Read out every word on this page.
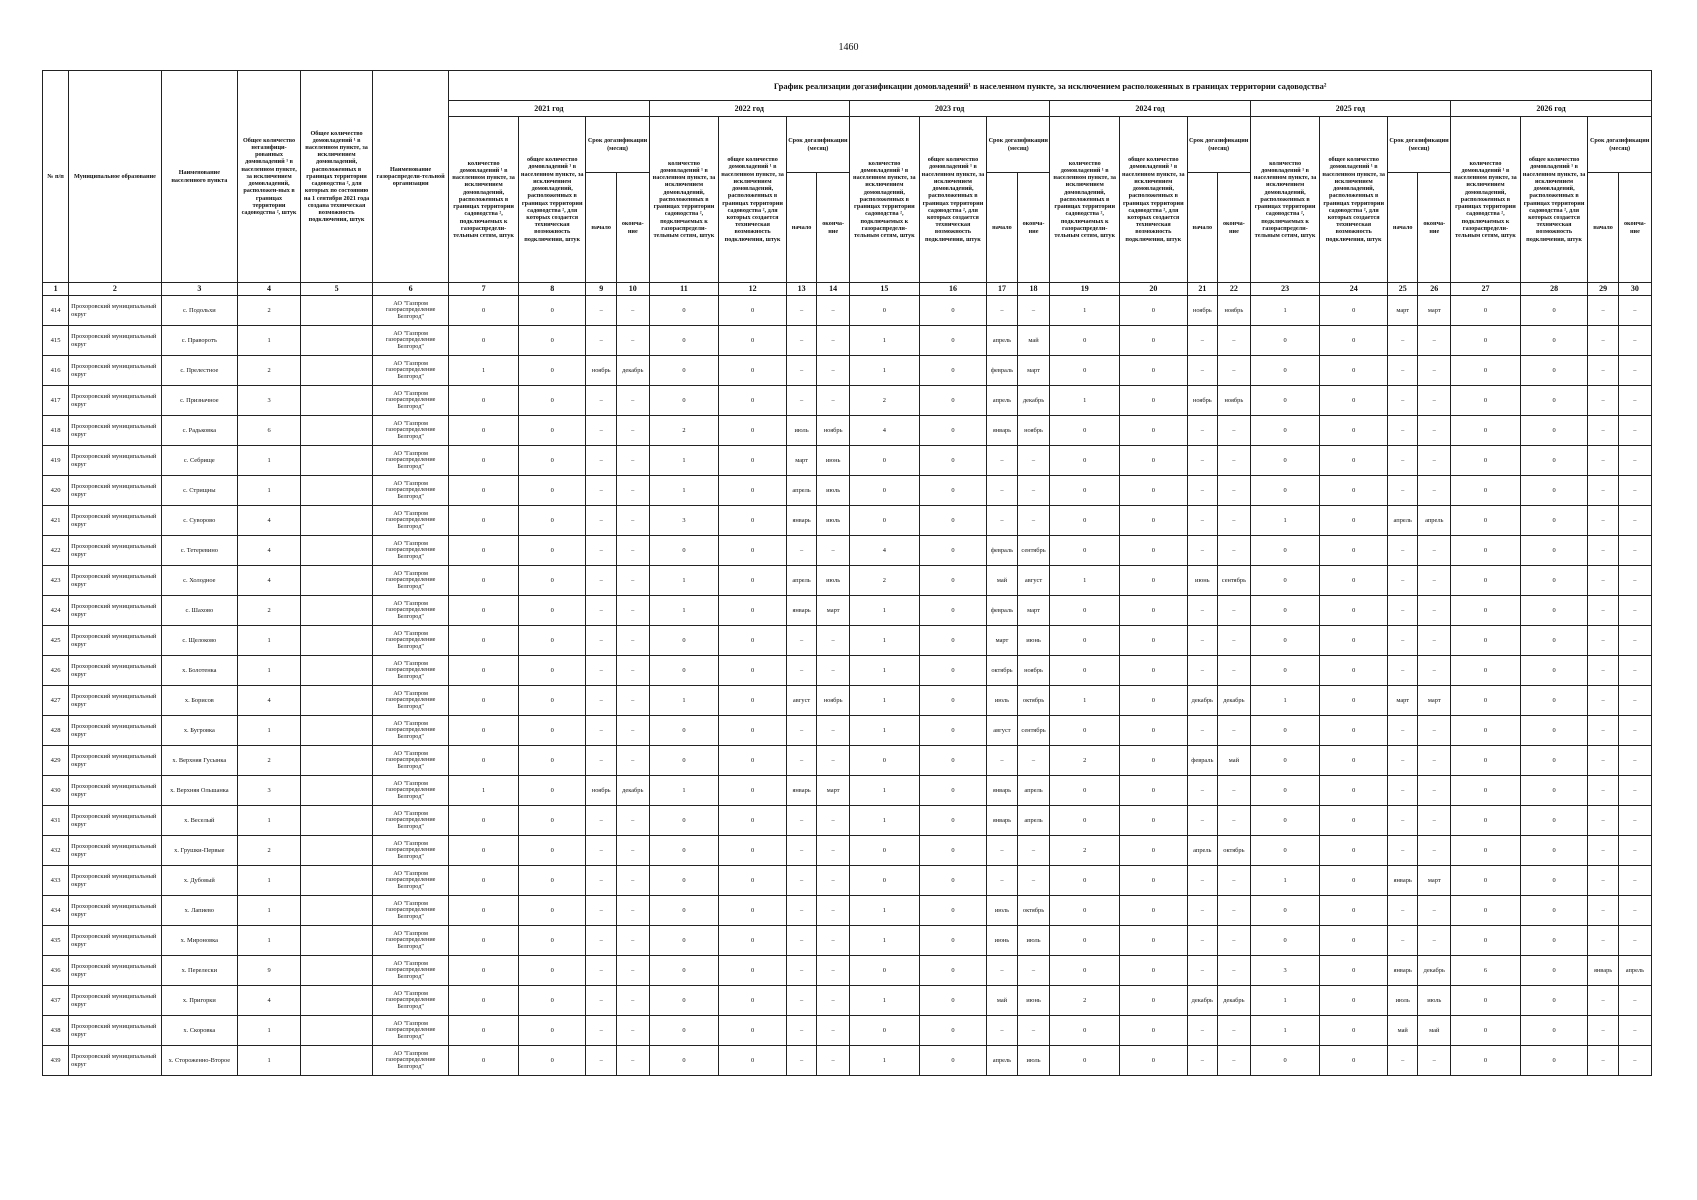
1460
№ п/п	Муниципальное образование	Наименование населенного пункта	Общее количество негазифици-рованных домовладений ¹ в населенном пункте, за исключением домовладений, расположен-ных в границах территории садоводства ², штук	Общее количество домовладений ¹ в населенном пункте, за исключением домовладений, расположенных в границах территории садоводства ², для которых по состоянию на 1 сентября 2021 года создана техническая возможность подключения, штук	Наименование газораспредели-тельной организации	График реализации догазификации домовладений¹ в населенном пункте, за исключением расположенных в границах территории садоводства²																							
						2021 год				2022 год				2023 год				2024 год				2025 год				2026 год			
						количество домовладений ¹ в населенном пункте, за исключением домовладений, расположенных в границах территории садоводства ², подключаемых к газораспредели-тельным сетям, штук	общее количество домовладений ¹ в населенном пункте, за исключением домовладений, расположенных в границах территории садоводства ², для которых создается техническая возможность подключения, штук	Срок догазификации (месяц)		количество домовладений ¹ в населенном пункте, за исключением домовладений, расположенных в границах территории садоводства ², подключаемых к газораспредели-тельным сетям, штук	общее количество домовладений ¹ в населенном пункте, за исключением домовладений, расположенных в границах территории садоводства ², для которых создается техническая возможность подключения, штук	Срок догазификации (месяц)		количество домовладений ¹ в населенном пункте, за исключением домовладений, расположенных в границах территории садоводства ², подключаемых к газораспредели-тельным сетям, штук	общее количество домовладений ¹ в населенном пункте, за исключением домовладений, расположенных в границах территории садоводства ², для которых создается техническая возможность подключения, штук	Срок догазификации (месяц)		количество домовладений ¹ в населенном пункте, за исключением домовладений, расположенных в границах территории садоводства ², подключаемых к газораспредели-тельным сетям, штук	общее количество домовладений ¹ в населенном пункте, за исключением домовладений, расположенных в границах территории садоводства ², для которых создается техническая возможность подключения, штук	Срок догазификации (месяц)		количество домовладений ¹ в населенном пункте, за исключением домовладений, расположенных в границах территории садоводства ², подключаемых к газораспредели-тельным сетям, штук	общее количество домовладений ¹ в населенном пункте, за исключением домовладений, расположенных в границах территории садоводства ², для которых создается техническая возможность подключения, штук	Срок догазификации (месяц)		количество домовладений ¹ в населенном пункте, за исключением домовладений, расположенных в границах территории садоводства ², подключаемых к газораспредели-тельным сетям, штук	общее количество домовладений ¹ в населенном пункте, за исключением домовладений, расположенных в границах территории садоводства ², для которых создается техническая возможность подключения, штук	Срок догазификации (месяц)	
								начало	оконча-ние			начало	оконча-ние			начало	оконча-ние			начало	оконча-ние			начало	оконча-ние			начало	оконча-ние
1	2	3	4	5	6	7	8	9	10	11	12	13	14	15	16	17	18	19	20	21	22	23	24	25	26	27	28	29	30
414	Прохоровский муниципальный округ	с. Подольхи	2		АО "Газпром газораспределение Белгород"	0	0	–	–	0	0	–	–	0	0	–	–	1	0	ноябрь	ноябрь	1	0	март	март	0	0	–	–
415	Прохоровский муниципальный округ	с. Праворотъ	1		АО "Газпром газораспределение Белгород"	0	0	–	–	0	0	–	–	1	0	апрель	май	0	0	–	–	0	0	–	–	0	0	–	–
416	Прохоровский муниципальный округ	с. Прелестное	2		АО "Газпром газораспределение Белгород"	1	0	ноябрь	декабрь	0	0	–	–	1	0	февраль	март	0	0	–	–	0	0	–	–	0	0	–	–
417	Прохоровский муниципальный округ	с. Призначное	3		АО "Газпром газораспределение Белгород"	0	0	–	–	0	0	–	–	2	0	апрель	декабрь	1	0	ноябрь	ноябрь	0	0	–	–	0	0	–	–
418	Прохоровский муниципальный округ	с. Радьковка	6		АО "Газпром газораспределение Белгород"	0	0	–	–	2	0	июль	ноябрь	4	0	январь	ноябрь	0	0	–	–	0	0	–	–	0	0	–	–
419	Прохоровский муниципальный округ	с. Себрище	1		АО "Газпром газораспределение Белгород"	0	0	–	–	1	0	март	июнь	0	0	–	–	0	0	–	–	0	0	–	–	0	0	–	–
420	Прохоровский муниципальный округ	с. Стрищны	1		АО "Газпром газораспределение Белгород"	0	0	–	–	1	0	апрель	июль	0	0	–	–	0	0	–	–	0	0	–	–	0	0	–	–
421	Прохоровский муниципальный округ	с. Суворово	4		АО "Газпром газораспределение Белгород"	0	0	–	–	3	0	январь	июль	0	0	–	–	0	0	–	–	1	0	апрель	апрель	0	0	–	–
422	Прохоровский муниципальный округ	с. Тетеревино	4		АО "Газпром газораспределение Белгород"	0	0	–	–	0	0	–	–	4	0	февраль	сентябрь	0	0	–	–	0	0	–	–	0	0	–	–
423	Прохоровский муниципальный округ	с. Холодное	4		АО "Газпром газораспределение Белгород"	0	0	–	–	1	0	апрель	июль	2	0	май	август	1	0	июнь	сентябрь	0	0	–	–	0	0	–	–
424	Прохоровский муниципальный округ	с. Шахово	2		АО "Газпром газораспределение Белгород"	0	0	–	–	1	0	январь	март	1	0	февраль	март	0	0	–	–	0	0	–	–	0	0	–	–
425	Прохоровский муниципальный округ	с. Щелоково	1		АО "Газпром газораспределение Белгород"	0	0	–	–	0	0	–	–	1	0	март	июнь	0	0	–	–	0	0	–	–	0	0	–	–
426	Прохоровский муниципальный округ	х. Болотенка	1		АО "Газпром газораспределение Белгород"	0	0	–	–	0	0	–	–	1	0	октябрь	ноябрь	0	0	–	–	0	0	–	–	0	0	–	–
427	Прохоровский муниципальный округ	х. Борисов	4		АО "Газпром газораспределение Белгород"	0	0	–	–	1	0	август	ноябрь	1	0	июль	октябрь	1	0	декабрь	декабрь	1	0	март	март	0	0	–	–
428	Прохоровский муниципальный округ	х. Бугровка	1		АО "Газпром газораспределение Белгород"	0	0	–	–	0	0	–	–	1	0	август	сентябрь	0	0	–	–	0	0	–	–	0	0	–	–
429	Прохоровский муниципальный округ	х. Верхняя Гусынка	2		АО "Газпром газораспределение Белгород"	0	0	–	–	0	0	–	–	0	0	–	–	2	0	февраль	май	0	0	–	–	0	0	–	–
430	Прохоровский муниципальный округ	х. Верхняя Ольшанка	3		АО "Газпром газораспределение Белгород"	1	0	ноябрь	декабрь	1	0	январь	март	1	0	январь	апрель	0	0	–	–	0	0	–	–	0	0	–	–
431	Прохоровский муниципальный округ	х. Веселый	1		АО "Газпром газораспределение Белгород"	0	0	–	–	0	0	–	–	1	0	январь	апрель	0	0	–	–	0	0	–	–	0	0	–	–
432	Прохоровский муниципальный округ	х. Грушки-Первые	2		АО "Газпром газораспределение Белгород"	0	0	–	–	0	0	–	–	0	0	–	–	2	0	апрель	октябрь	0	0	–	–	0	0	–	–
433	Прохоровский муниципальный округ	х. Дубовый	1		АО "Газпром газораспределение Белгород"	0	0	–	–	0	0	–	–	0	0	–	–	0	0	–	–	1	0	январь	март	0	0	–	–
434	Прохоровский муниципальный округ	х. Лапиево	1		АО "Газпром газораспределение Белгород"	0	0	–	–	0	0	–	–	1	0	июль	октябрь	0	0	–	–	0	0	–	–	0	0	–	–
435	Прохоровский муниципальный округ	х. Мироновка	1		АО "Газпром газораспределение Белгород"	0	0	–	–	0	0	–	–	1	0	июнь	июль	0	0	–	–	0	0	–	–	0	0	–	–
436	Прохоровский муниципальный округ	х. Перелески	9		АО "Газпром газораспределение Белгород"	0	0	–	–	0	0	–	–	0	0	–	–	0	0	–	–	3	0	январь	декабрь	6	0	январь	апрель
437	Прохоровский муниципальный округ	х. Пригорки	4		АО "Газпром газораспределение Белгород"	0	0	–	–	0	0	–	–	1	0	май	июнь	2	0	декабрь	декабрь	1	0	июль	июль	0	0	–	–
438	Прохоровский муниципальный округ	х. Скоровка	1		АО "Газпром газораспределение Белгород"	0	0	–	–	0	0	–	–	0	0	–	–	0	0	–	–	1	0	май	май	0	0	–	–
439	Прохоровский муниципальный округ	х. Стороженно-Второе	1		АО "Газпром газораспределение Белгород"	0	0	–	–	0	0	–	–	1	0	апрель	июль	0	0	–	–	0	0	–	–	0	0	–	–
